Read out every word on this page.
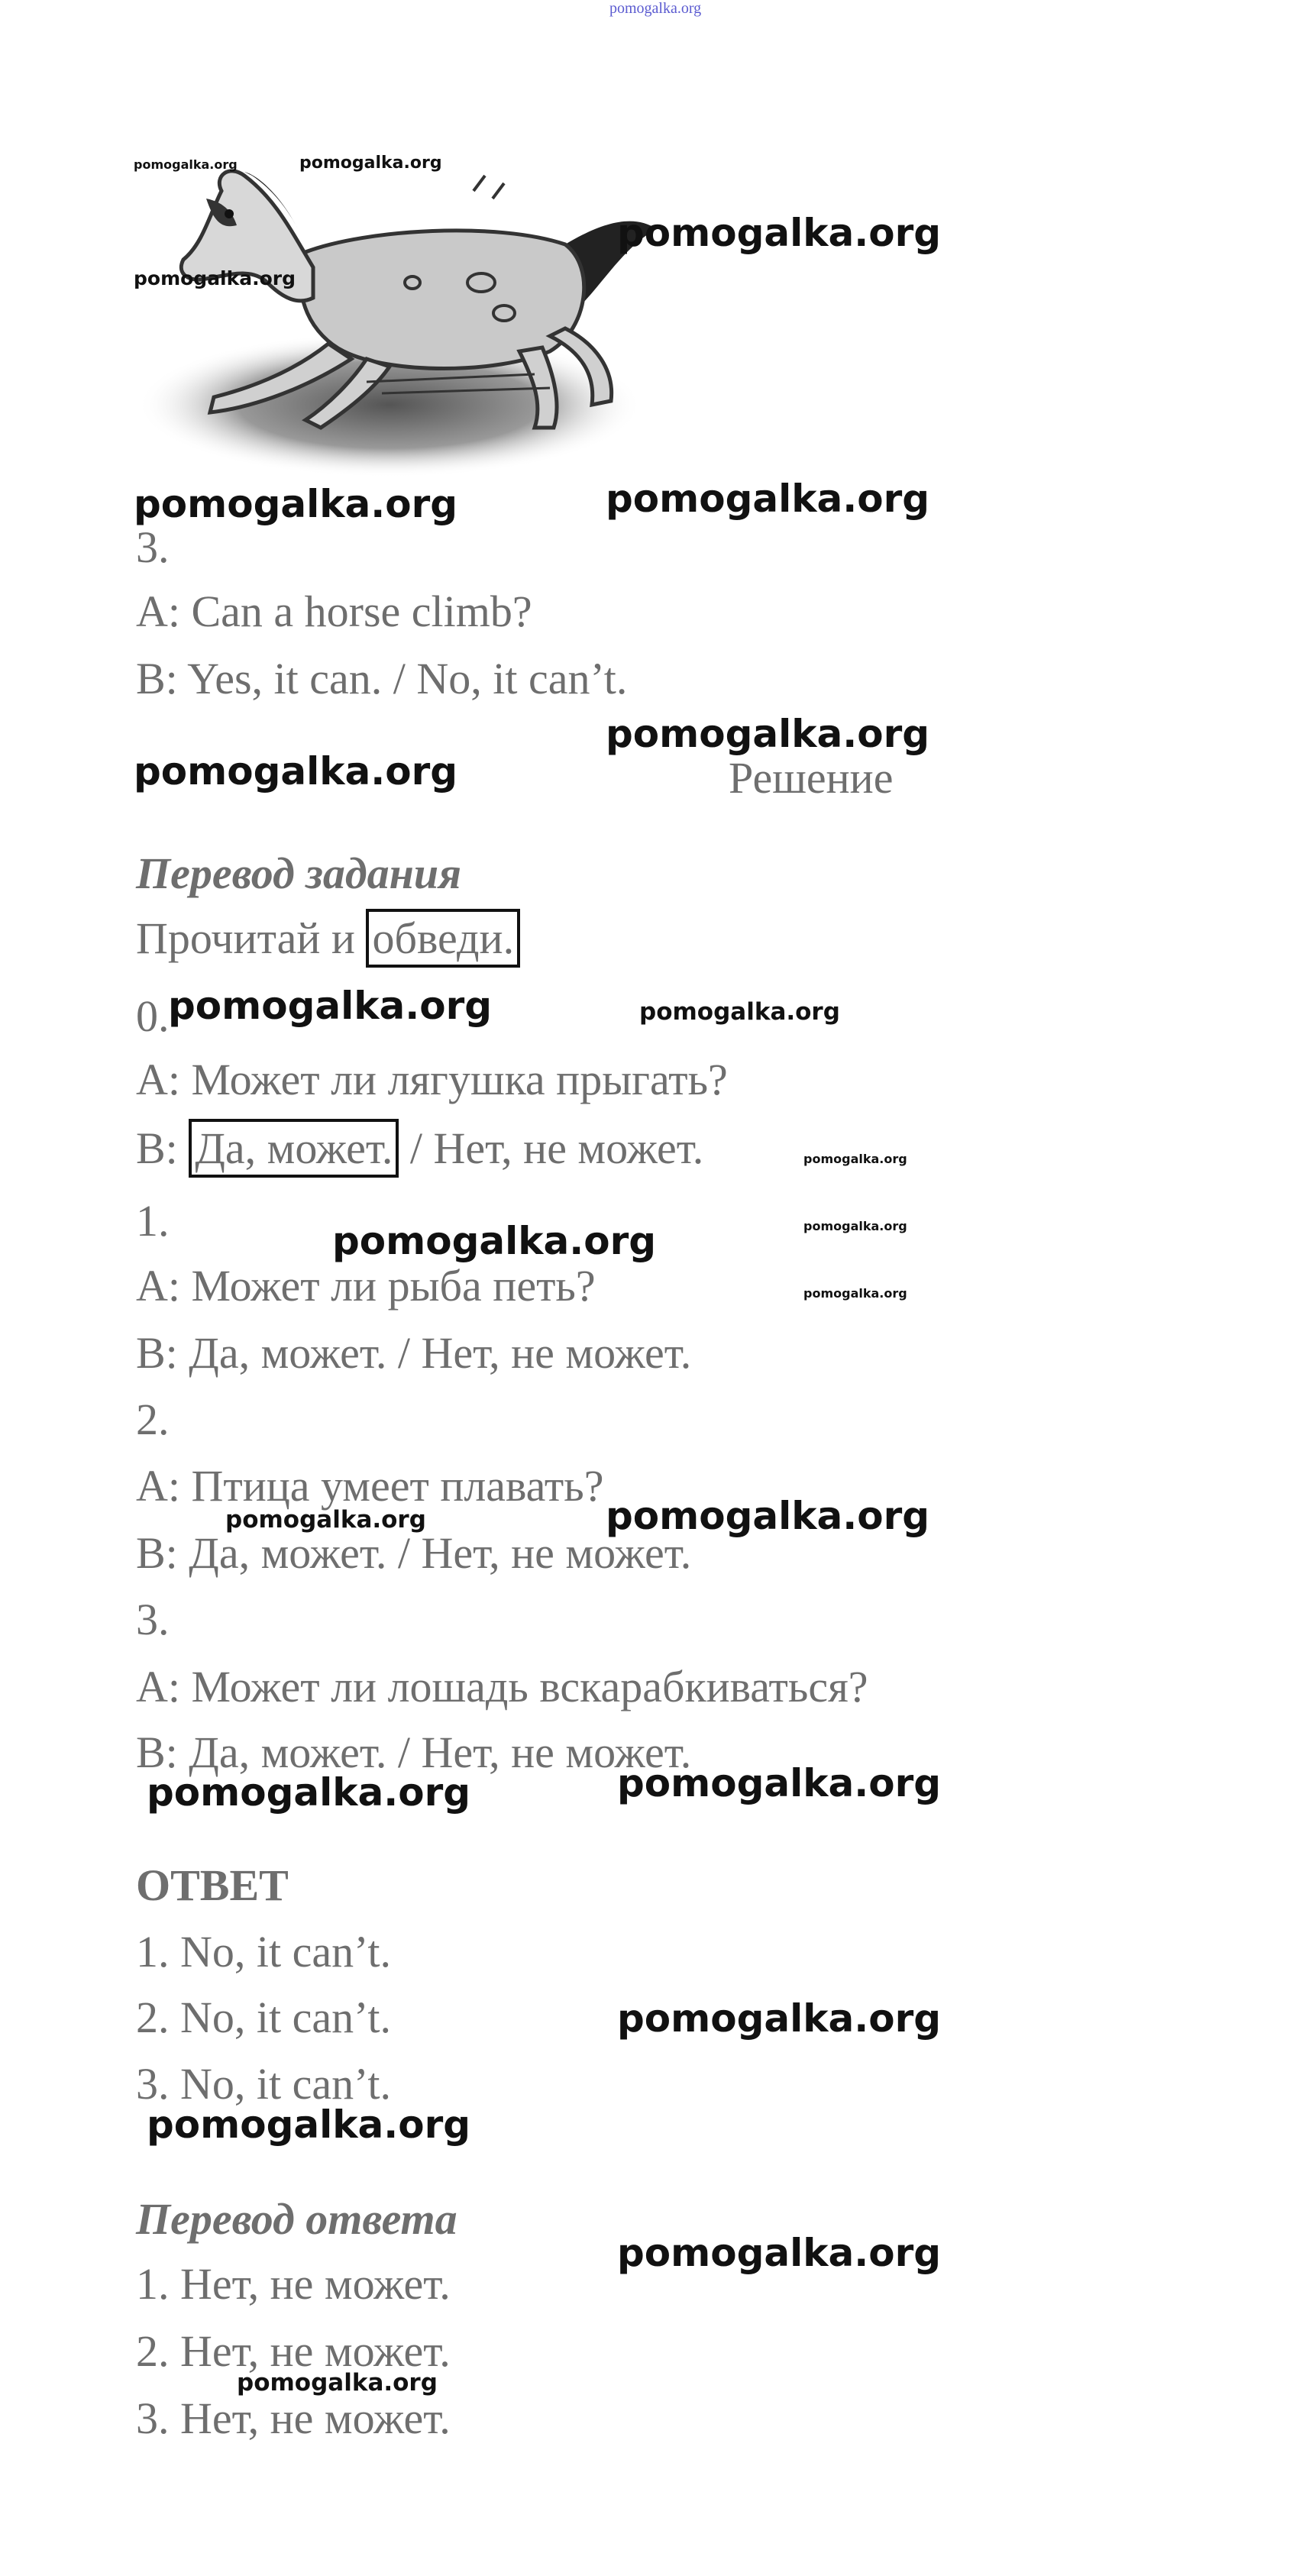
pomogalka.org
pomogalka.org	pomogalka.org
pomogalka.org
pomogalka.org
pomogalka.org	pomogalka.org
3.
A: Can a horse climb?
B: Yes, it can. / No, it can’t.
pomogalka.org
pomogalka.org	Решение
Перевод задания
Прочитай и обведи.
0.
pomogalka.org	pomogalka.org
A: Может ли лягушка прыгать?
B: Да, может. / Нет, не может.	pomogalka.org
1.	pomogalka.org	pomogalka.org
A: Может ли рыба петь?	pomogalka.org
B: Да, может. / Нет, не может.
2.
A: Птица умеет плавать?
B: Да, может. / Нет, не может.
pomogalka.org	pomogalka.org
3.
A: Может ли лошадь вскарабкиваться?
B: Да, может. / Нет, не может.
pomogalka.org
pomogalka.org
ОТВЕТ
1. No, it can’t.
2. No, it can’t.	pomogalka.org
3. No, it can’t.
pomogalka.org
Перевод ответа
1. Нет, не может.
pomogalka.org
2. Нет, не может.
pomogalka.org
3. Нет, не может.
